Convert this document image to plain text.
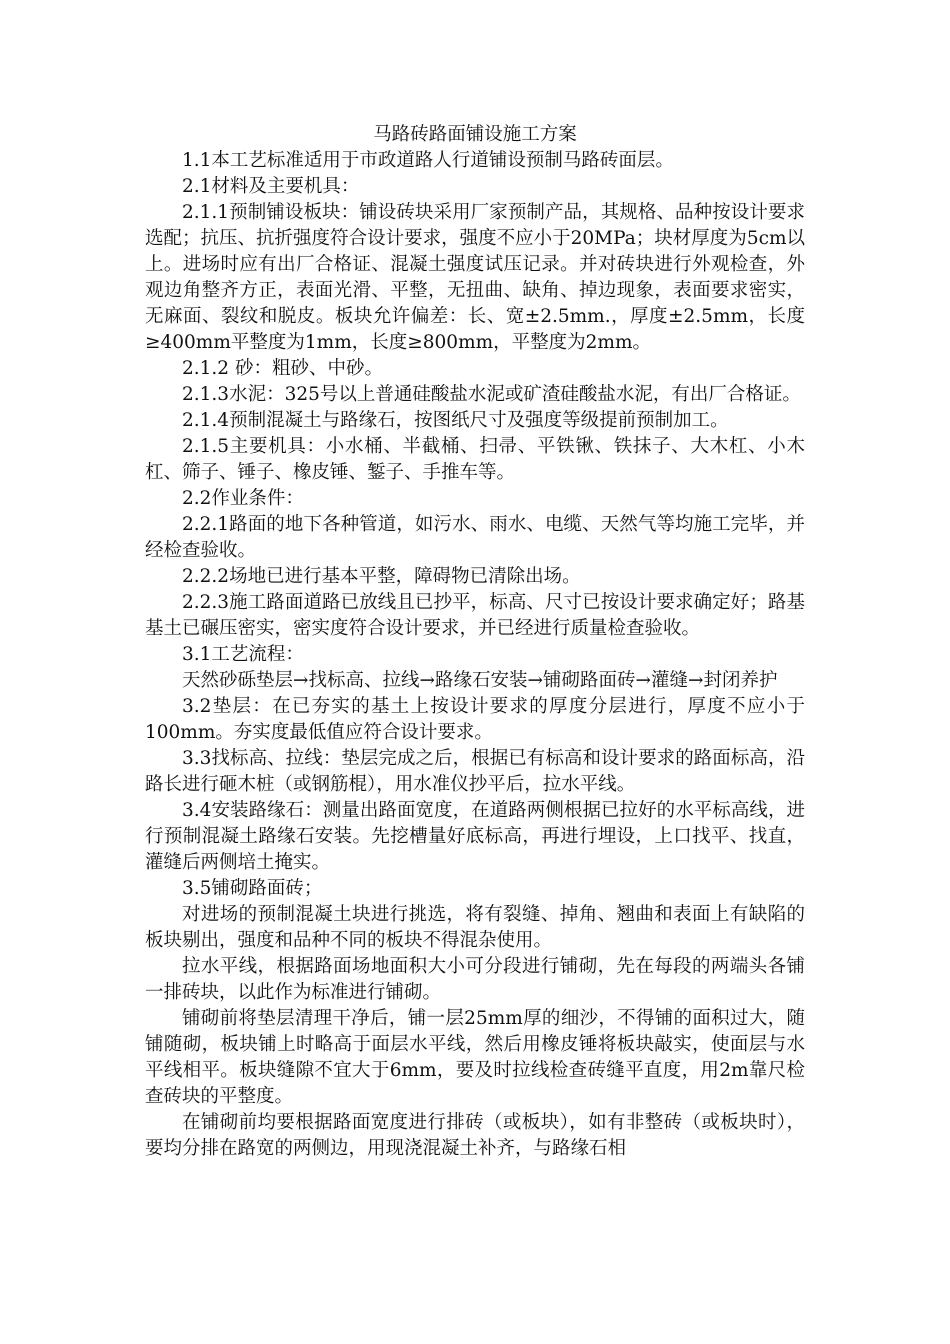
马路砖路面铺设施工方案

1.1本工艺标准适用于市政道路人行道铺设预制马路砖面层。

2.1材料及主要机具：

2.1.1预制铺设板块：铺设砖块采用厂家预制产品，其规格、品种按设计要求选配；抗压、抗折强度符合设计要求，强度不应小于20MPa；块材厚度为5cm以上。进场时应有出厂合格证、混凝土强度试压记录。并对砖块进行外观检查，外观边角整齐方正，表面光滑、平整，无扭曲、缺角、掉边现象，表面要求密实，无麻面、裂纹和脱皮。板块允许偏差：长、宽±2.5mm.，厚度±2.5mm，长度≥400mm平整度为1mm，长度≥800mm，平整度为2mm。

2.1.2 砂：粗砂、中砂。

2.1.3水泥：325号以上普通硅酸盐水泥或矿渣硅酸盐水泥，有出厂合格证。

2.1.4预制混凝土与路缘石，按图纸尺寸及强度等级提前预制加工。

2.1.5主要机具：小水桶、半截桶、扫帚、平铁锹、铁抹子、大木杠、小木杠、筛子、锤子、橡皮锤、錾子、手推车等。

2.2作业条件：

2.2.1路面的地下各种管道，如污水、雨水、电缆、天然气等均施工完毕，并经检查验收。

2.2.2场地已进行基本平整，障碍物已清除出场。

2.2.3施工路面道路已放线且已抄平，标高、尺寸已按设计要求确定好；路基基土已碾压密实，密实度符合设计要求，并已经进行质量检查验收。

3.1工艺流程：

天然砂砾垫层→找标高、拉线→路缘石安装→铺砌路面砖→灌缝→封闭养护

3.2垫层：在已夯实的基土上按设计要求的厚度分层进行，厚度不应小于100mm。夯实度最低值应符合设计要求。

3.3找标高、拉线：垫层完成之后，根据已有标高和设计要求的路面标高，沿路长进行砸木桩（或钢筋棍），用水准仪抄平后，拉水平线。

3.4安装路缘石：测量出路面宽度，在道路两侧根据已拉好的水平标高线，进行预制混凝土路缘石安装。先挖槽量好底标高，再进行埋设，上口找平、找直，灌缝后两侧培土掩实。

3.5铺砌路面砖；

对进场的预制混凝土块进行挑选，将有裂缝、掉角、翘曲和表面上有缺陷的板块剔出，强度和品种不同的板块不得混杂使用。

拉水平线，根据路面场地面积大小可分段进行铺砌，先在每段的两端头各铺一排砖块，以此作为标准进行铺砌。

铺砌前将垫层清理干净后，铺一层25mm厚的细沙，不得铺的面积过大，随铺随砌，板块铺上时略高于面层水平线，然后用橡皮锤将板块敲实，使面层与水平线相平。板块缝隙不宜大于6mm，要及时拉线检查砖缝平直度，用2m靠尺检查砖块的平整度。

在铺砌前均要根据路面宽度进行排砖（或板块），如有非整砖（或板块时），要均分排在路宽的两侧边，用现浇混凝土补齐，与路缘石相
